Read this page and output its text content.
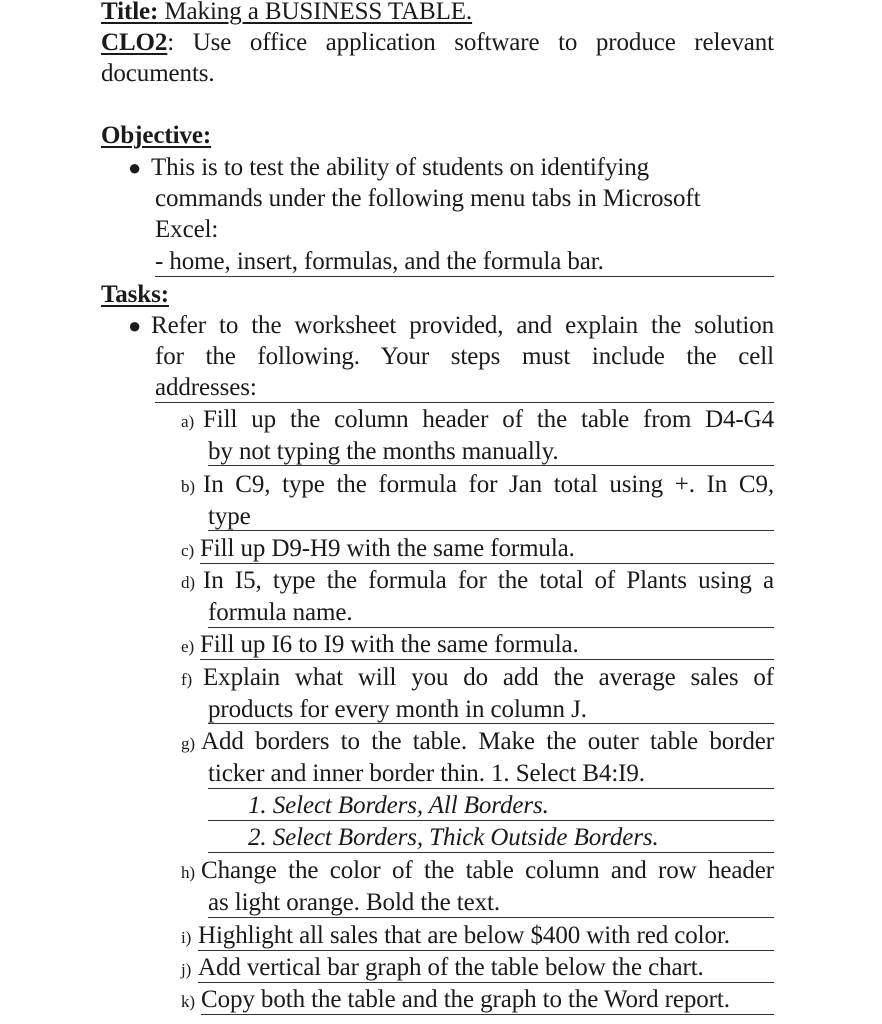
Title: Making a BUSINESS TABLE.
CLO2: Use office application software to produce relevant
documents.
Objective:
● This is to test the ability of students on identifying
commands under the following menu tabs in Microsoft
Excel:
- home, insert, formulas, and the formula bar.
Tasks:
● Refer to the worksheet provided, and explain the solution
for the following. Your steps must include the cell
addresses:
a) Fill up the column header of the table from D4-G4
by not typing the months manually.
b) In C9, type the formula for Jan total using +. In C9,
type
c) Fill up D9-H9 with the same formula.
d) In I5, type the formula for the total of Plants using a
formula name.
e) Fill up I6 to I9 with the same formula.
f) Explain what will you do add the average sales of
products for every month in column J.
g) Add borders to the table. Make the outer table border
ticker and inner border thin. 1. Select B4:I9.
1. Select Borders, All Borders.
2. Select Borders, Thick Outside Borders.
h) Change the color of the table column and row header
as light orange. Bold the text.
i) Highlight all sales that are below $400 with red color.
j) Add vertical bar graph of the table below the chart.
k) Copy both the table and the graph to the Word report.
